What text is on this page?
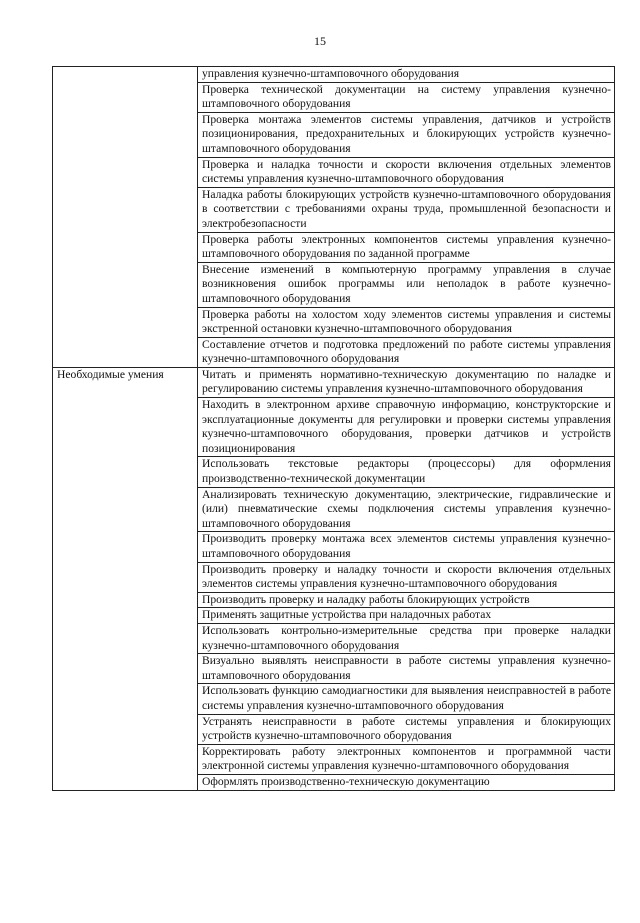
15
	управления кузнечно-штамповочного оборудования
	Проверка технической документации на систему управления кузнечно-штамповочного оборудования
	Проверка монтажа элементов системы управления, датчиков и устройств позиционирования, предохранительных и блокирующих устройств кузнечно-штамповочного оборудования
	Проверка и наладка точности и скорости включения отдельных элементов системы управления кузнечно-штамповочного оборудования
	Наладка работы блокирующих устройств кузнечно-штамповочного оборудования в соответствии с требованиями охраны труда, промышленной безопасности и электробезопасности
	Проверка работы электронных компонентов системы управления кузнечно-штамповочного оборудования по заданной программе
	Внесение изменений в компьютерную программу управления в случае возникновения ошибок программы или неполадок в работе кузнечно-штамповочного оборудования
	Проверка работы на холостом ходу элементов системы управления и системы экстренной остановки кузнечно-штамповочного оборудования
	Составление отчетов и подготовка предложений по работе системы управления кузнечно-штамповочного оборудования
Необходимые умения	Читать и применять нормативно-техническую документацию по наладке и регулированию системы управления кузнечно-штамповочного оборудования
	Находить в электронном архиве справочную информацию, конструкторские и эксплуатационные документы для регулировки и проверки системы управления кузнечно-штамповочного оборудования, проверки датчиков и устройств позиционирования
	Использовать текстовые редакторы (процессоры) для оформления производственно-технической документации
	Анализировать техническую документацию, электрические, гидравлические и (или) пневматические схемы подключения системы управления кузнечно-штамповочного оборудования
	Производить проверку монтажа всех элементов системы управления кузнечно-штамповочного оборудования
	Производить проверку и наладку точности и скорости включения отдельных элементов системы управления кузнечно-штамповочного оборудования
	Производить проверку и наладку работы блокирующих устройств
	Применять защитные устройства при наладочных работах
	Использовать контрольно-измерительные средства при проверке наладки кузнечно-штамповочного оборудования
	Визуально выявлять неисправности в работе системы управления кузнечно-штамповочного оборудования
	Использовать функцию самодиагностики для выявления неисправностей в работе системы управления кузнечно-штамповочного оборудования
	Устранять неисправности в работе системы управления и блокирующих устройств кузнечно-штамповочного оборудования
	Корректировать работу электронных компонентов и программной части электронной системы управления кузнечно-штамповочного оборудования
	Оформлять производственно-техническую документацию
